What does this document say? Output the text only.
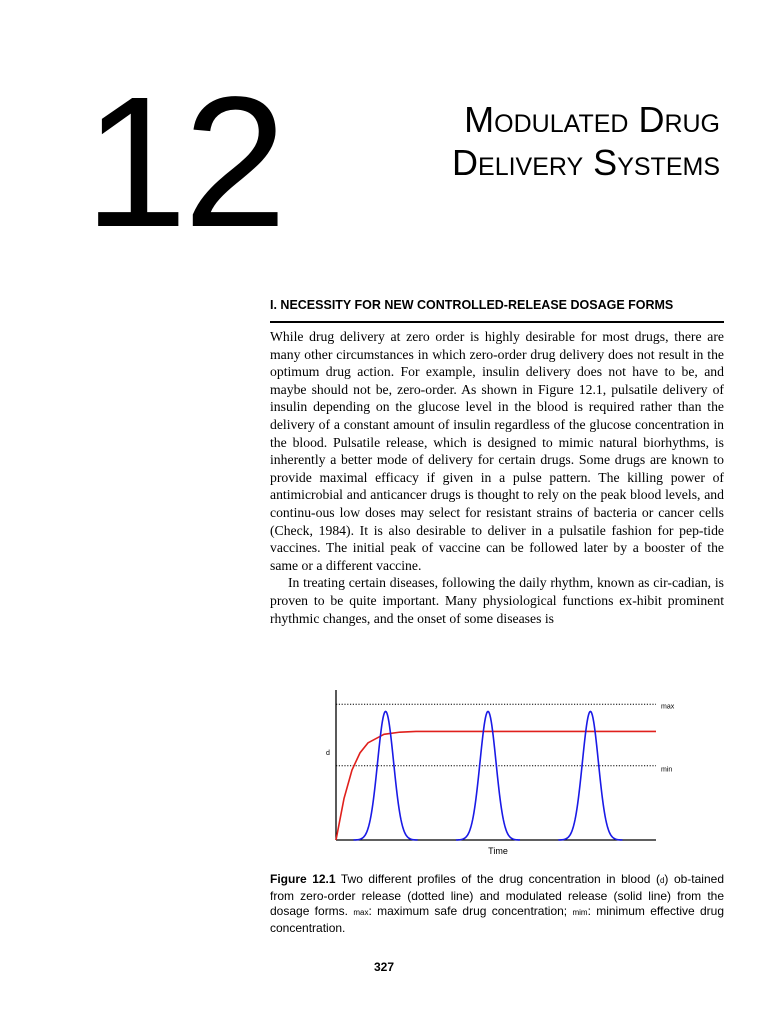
12	Modulated Drug
Delivery Systems
I. NECESSITY FOR NEW CONTROLLED-RELEASE DOSAGE FORMS

While drug delivery at zero order is highly desirable for most drugs, there are many other circumstances in which zero-order drug delivery does not result in the optimum drug action. For example, insulin delivery does not have to be, and maybe should not be, zero-order. As shown in Figure 12.1, pulsatile delivery of insulin depending on the glucose level in the blood is required rather than the delivery of a constant amount of insulin regardless of the glucose concentration in the blood. Pulsatile release, which is designed to mimic natural biorhythms, is inherently a better mode of delivery for certain drugs. Some drugs are known to provide maximal efficacy if given in a pulse pattern. The killing power of antimicrobial and anticancer drugs is thought to rely on the peak blood levels, and continu-ous low doses may select for resistant strains of bacteria or cancer cells (Check, 1984). It is also desirable to deliver in a pulsatile fashion for pep-tide vaccines. The initial peak of vaccine can be followed later by a booster of the same or a different vaccine.

In treating certain diseases, following the daily rhythm, known as cir-cadian, is proven to be quite important. Many physiological functions ex-hibit prominent rhythmic changes, and the onset of some diseases is

max
min
d
Time
Figure 12.1 Two different profiles of the drug concentration in blood (d) ob-tained from zero-order release (dotted line) and modulated release (solid line) from the dosage forms. max: maximum safe drug concentration; mim: minimum effective drug concentration.
327
